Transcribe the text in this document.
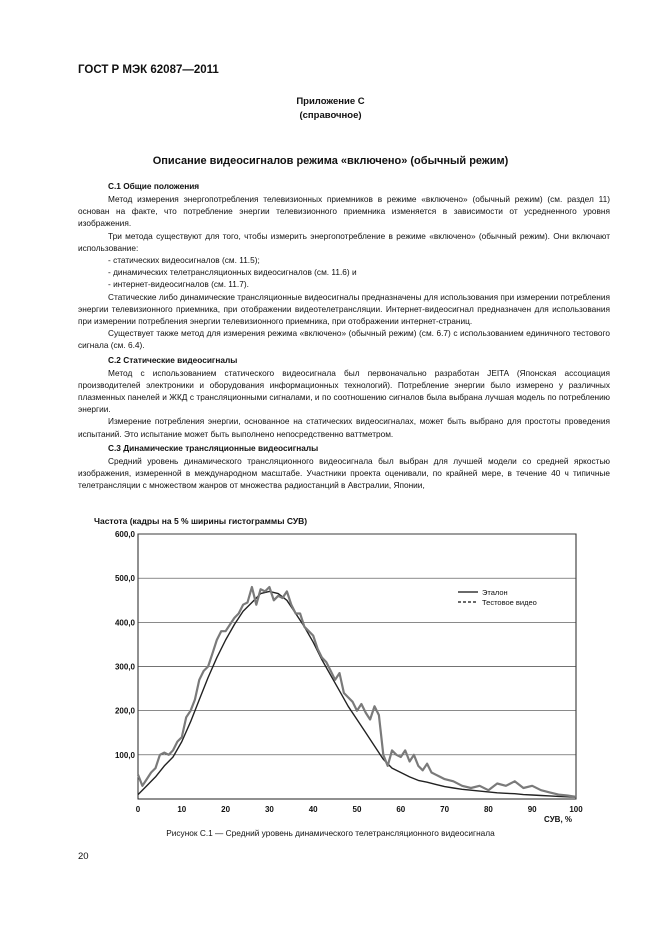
ГОСТ Р МЭК 62087—2011
Приложение С
(справочное)
Описание видеосигналов режима «включено» (обычный режим)
С.1 Общие положения

Метод измерения энергопотребления телевизионных приемников в режиме «включено» (обычный режим) (см. раздел 11) основан на факте, что потребление энергии телевизионного приемника изменяется в зависимости от усредненного уровня изображения.

Три метода существуют для того, чтобы измерить энергопотребление в режиме «включено» (обычный режим). Они включают использование:

- статических видеосигналов (см. 11.5);
- динамических телетрансляционных видеосигналов (см. 11.6) и
- интернет-видеосигналов (см. 11.7).

Статические либо динамические трансляционные видеосигналы предназначены для использования при измерении потребления энергии телевизионного приемника, при отображении видеотелетрансляции. Интернет-видеосигнал предназначен для использования при измерении потребления энергии телевизионного приемника, при отображении интернет-страниц.

Существует также метод для измерения режима «включено» (обычный режим) (см. 6.7) с использованием единичного тестового сигнала (см. 6.4).

С.2 Статические видеосигналы

Метод с использованием статического видеосигнала был первоначально разработан JEITA (Японская ассоциация производителей электроники и оборудования информационных технологий). Потребление энергии было измерено у различных плазменных панелей и ЖКД с трансляционными сигналами, и по соотношению сигналов была выбрана лучшая модель по потреблению энергии.

Измерение потребления энергии, основанное на статических видеосигналах, может быть выбрано для простоты проведения испытаний. Это испытание может быть выполнено непосредственно ваттметром.

С.3 Динамические трансляционные видеосигналы

Средний уровень динамического трансляционного видеосигнала был выбран для лучшей модели со средней яркостью изображения, измеренной в международном масштабе. Участники проекта оценивали, по крайней мере, в течение 40 ч типичные телетрансляции с множеством жанров от множества радиостанций в Австралии, Японии,

Частота (кадры на 5 % ширины гистограммы СУВ)
100,0
200,0
300,0
400,0
500,0
600,0
0	10	20	30	40	50	60	70	80	90	100
СУВ, %
Эталон
Тестовое видео
Рисунок С.1 — Средний уровень динамического телетрансляционного видеосигнала
20
